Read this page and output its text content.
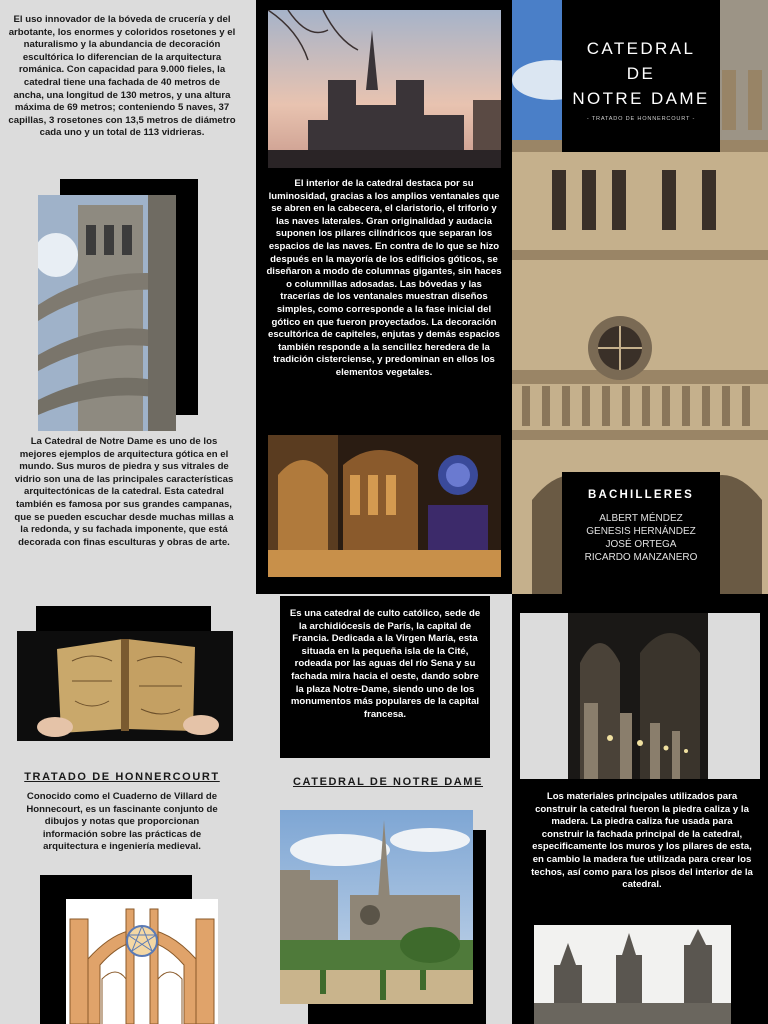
El uso innovador de la bóveda de crucería y del arbotante, los enormes y coloridos rosetones y el naturalismo y la abundancia de decoración escultórica lo diferencian de la arquitectura románica. Con capacidad para 9.000 fieles, la catedral tiene una fachada de 40 metros de ancha, una longitud de 130 metros, y una altura máxima de 69 metros; conteniendo 5 naves, 37 capillas, 3 rosetones con 13,5 metros de diámetro cada uno y un total de 113 vidrieras.
La Catedral de Notre Dame es uno de los mejores ejemplos de arquitectura gótica en el mundo. Sus muros de piedra y sus vitrales de vidrio son una de las principales características arquitectónicas de la catedral. Esta catedral también es famosa por sus grandes campanas, que se pueden escuchar desde muchas millas a la redonda, y su fachada imponente, que está decorada con finas esculturas y obras de arte.
TRATADO DE HONNERCOURT
Conocido como el Cuaderno de Villard de Honnecourt, es un fascinante conjunto de dibujos y notas que proporcionan información sobre las prácticas de arquitectura e ingeniería medieval.
El interior de la catedral destaca por su luminosidad, gracias a los amplios ventanales que se abren en la cabecera, el claristorio, el triforio y las naves laterales. Gran originalidad y audacia suponen los pilares cilíndricos que separan los espacios de las naves. En contra de lo que se hizo después en la mayoría de los edificios góticos, se diseñaron a modo de columnas gigantes, sin haces o columnillas adosadas. Las bóvedas y las tracerías de los ventanales muestran diseños simples, como corresponde a la fase inicial del gótico en que fueron proyectados. La decoración escultórica de capiteles, enjutas y demás espacios también responde a la sencillez heredera de la tradición cisterciense, y predominan en ellos los elementos vegetales.
Es una catedral de culto católico, sede de la archidiócesis de París, la capital de Francia. Dedicada a la Virgen María, esta situada en la pequeña isla de la Cité, rodeada por las aguas del río Sena y su fachada mira hacia el oeste, dando sobre la plaza Notre-Dame, siendo uno de los monumentos más populares de la capital francesa.
CATEDRAL DE NOTRE DAME
CATEDRAL
DE
NOTRE DAME
- TRATADO DE HONNERCOURT -
BACHILLERES
ALBERT MÉNDEZ
GENESIS HERNÁNDEZ
JOSÉ ORTEGA
RICARDO MANZANERO
Los materiales principales utilizados para construir la catedral fueron la piedra caliza y la madera. La piedra caliza fue usada para construir la fachada principal de la catedral, especificamente los muros y los pilares de esta, en cambio la madera fue utilizada para crear los techos, así como para los pisos del interior de la catedral.
